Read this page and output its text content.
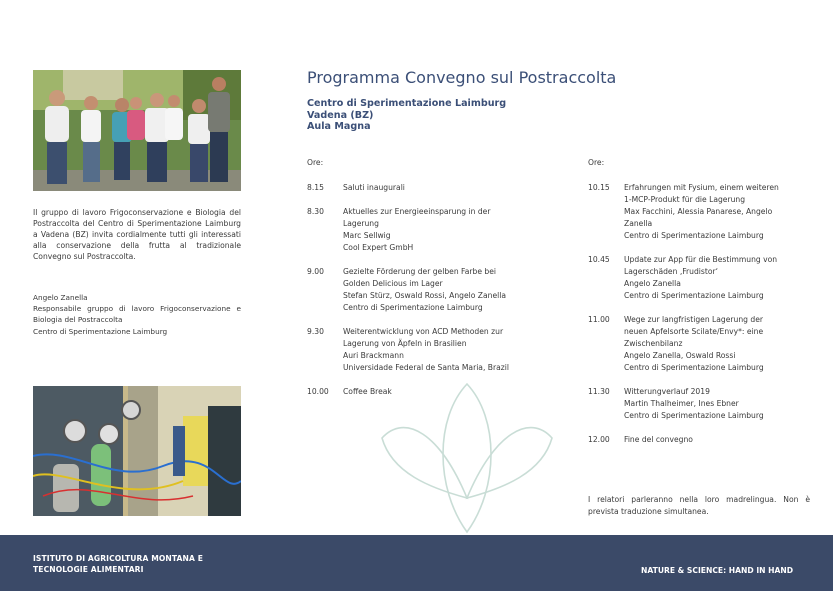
Il gruppo di lavoro Frigoconservazione e Biologia del Postraccolta del Centro di Sperimentazione Laimburg a Vadena (BZ) invita cordialmente tutti gli interessati alla conservazione della frutta al tradizionale Convegno sul Postraccolta.
Angelo Zanella
Responsabile gruppo di lavoro Frigoconservazione e Biologia del Postraccolta
Centro di Sperimentazione Laimburg
Programma Convegno sul Postraccolta
Centro di Sperimentazione Laimburg
Vadena (BZ)
Aula Magna
Ore:	Ore:
8.15	Saluti inaugurali
8.30	Aktuelles zur Energieeinsparung in der
Lagerung
Marc Sellwig
Cool Expert GmbH
9.00	Gezielte Förderung der gelben Farbe bei
Golden Delicious im Lager
Stefan Stürz, Oswald Rossi, Angelo Zanella
Centro di Sperimentazione Laimburg
9.30	Weiterentwicklung von ACD Methoden zur
Lagerung von Äpfeln in Brasilien
Auri Brackmann
Universidade Federal de Santa Maria, Brazil
10.00	Coffee Break
10.15	Erfahrungen mit Fysium, einem weiteren
1-MCP-Produkt für die Lagerung
Max Facchini, Alessia Panarese, Angelo
Zanella
Centro di Sperimentazione Laimburg
10.45	Update zur App für die Bestimmung von
Lagerschäden ‚Frudistor‘
Angelo Zanella
Centro di Sperimentazione Laimburg
11.00	Wege zur langfristigen Lagerung der
neuen Apfelsorte Scilate/Envy*: eine
Zwischenbilanz
Angelo Zanella, Oswald Rossi
Centro di Sperimentazione Laimburg
11.30	Witterungverlauf 2019
Martin Thalheimer, Ines Ebner
Centro di Sperimentazione Laimburg
12.00	Fine del convegno
I relatori parleranno nella loro madrelingua. Non è prevista traduzione simultanea.
ISTITUTO DI AGRICOLTURA MONTANA E
TECNOLOGIE ALIMENTARI	NATURE & SCIENCE: HAND IN HAND
